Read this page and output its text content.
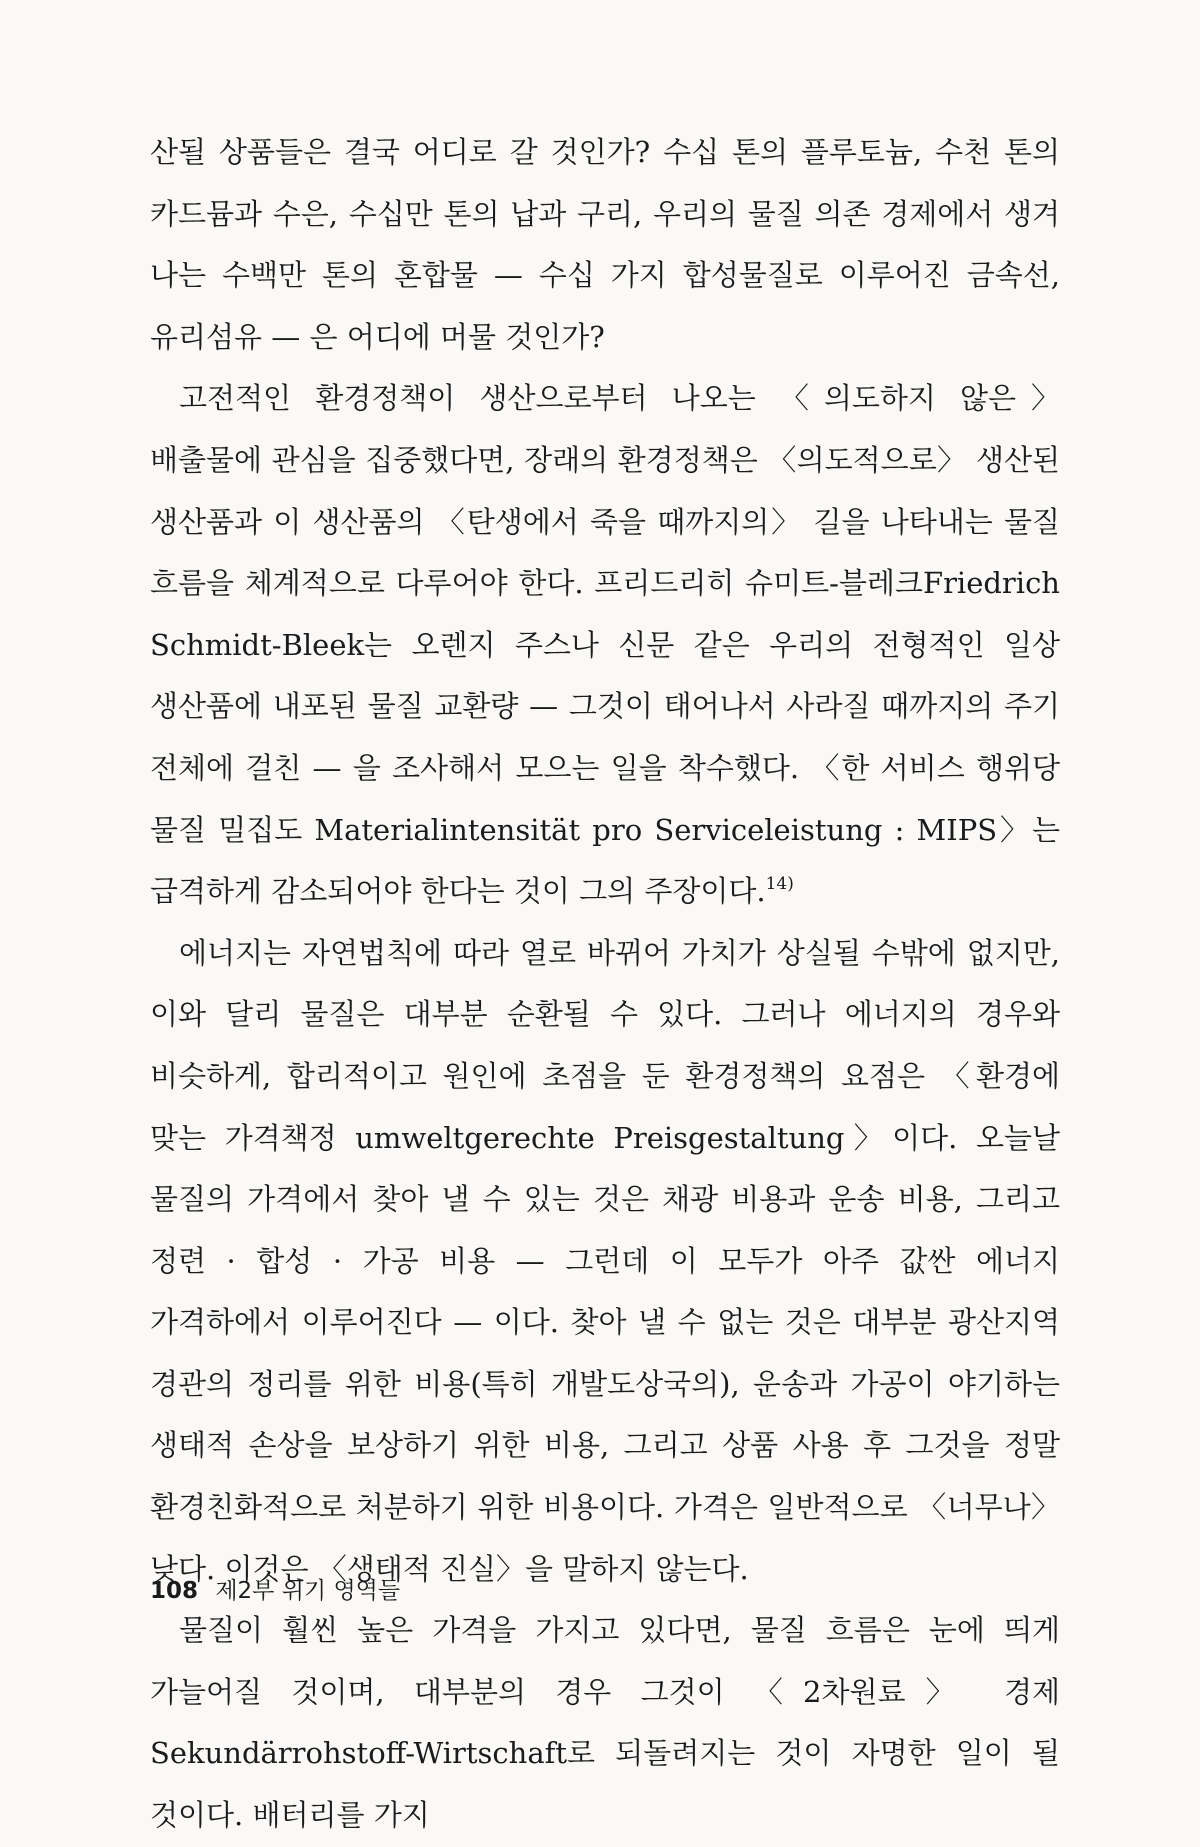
산될 상품들은 결국 어디로 갈 것인가? 수십 톤의 플루토늄, 수천 톤의 카드뮴과 수은, 수십만 톤의 납과 구리, 우리의 물질 의존 경제에서 생겨 나는 수백만 톤의 혼합물 — 수십 가지 합성물질로 이루어진 금속선, 유리섬유 — 은 어디에 머물 것인가?

고전적인 환경정책이 생산으로부터 나오는 〈의도하지 않은〉 배출물에 관심을 집중했다면, 장래의 환경정책은 〈의도적으로〉 생산된 생산품과 이 생산품의 〈탄생에서 죽을 때까지의〉 길을 나타내는 물질 흐름을 체계적으로 다루어야 한다. 프리드리히 슈미트-블레크Friedrich Schmidt-Bleek는 오렌지 주스나 신문 같은 우리의 전형적인 일상 생산품에 내포된 물질 교환량 — 그것이 태어나서 사라질 때까지의 주기 전체에 걸친 — 을 조사해서 모으는 일을 착수했다. 〈한 서비스 행위당 물질 밀집도 Materialintensität pro Serviceleistung : MIPS〉는 급격하게 감소되어야 한다는 것이 그의 주장이다.$^{14)}$

에너지는 자연법칙에 따라 열로 바뀌어 가치가 상실될 수밖에 없지만, 이와 달리 물질은 대부분 순환될 수 있다. 그러나 에너지의 경우와 비슷하게, 합리적이고 원인에 초점을 둔 환경정책의 요점은 〈환경에 맞는 가격책정 umweltgerechte Preisgestaltung〉이다. 오늘날 물질의 가격에서 찾아 낼 수 있는 것은 채광 비용과 운송 비용, 그리고 정련 · 합성 · 가공 비용 — 그런데 이 모두가 아주 값싼 에너지 가격하에서 이루어진다 — 이다. 찾아 낼 수 없는 것은 대부분 광산지역 경관의 정리를 위한 비용(특히 개발도상국의), 운송과 가공이 야기하는 생태적 손상을 보상하기 위한 비용, 그리고 상품 사용 후 그것을 정말 환경친화적으로 처분하기 위한 비용이다. 가격은 일반적으로 〈너무나〉 낮다. 이것은 〈생태적 진실〉을 말하지 않는다.

물질이 훨씬 높은 가격을 가지고 있다면, 물질 흐름은 눈에 띄게 가늘어질 것이며, 대부분의 경우 그것이 〈2차원료〉 경제 Sekundärrohstoff-Wirtschaft로 되돌려지는 것이 자명한 일이 될 것이다. 배터리를 가지

108 제2부 위기 영역들
